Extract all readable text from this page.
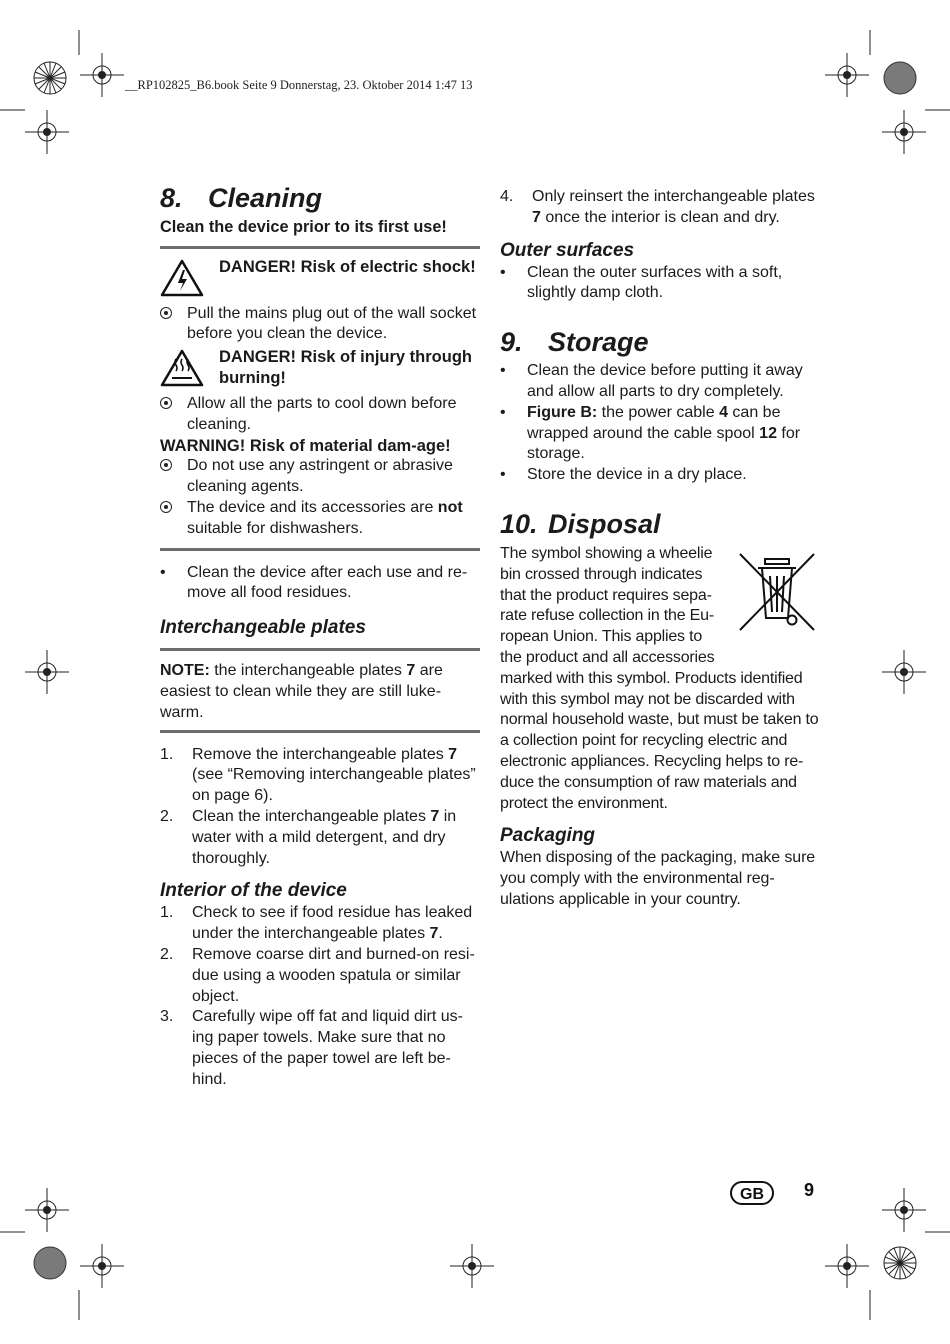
__RP102825_B6.book Seite 9 Donnerstag, 23. Oktober 2014 1:47 13
8. Cleaning
Clean the device prior to its first use!
DANGER! Risk of electric shock!
Pull the mains plug out of the wall socket before you clean the device.
DANGER! Risk of injury through burning!
Allow all the parts to cool down before cleaning.
WARNING! Risk of material dam-age!
Do not use any astringent or abrasive cleaning agents.
The device and its accessories are not suitable for dishwashers.
•	Clean the device after each use and re-move all food residues.
Interchangeable plates
NOTE: the interchangeable plates 7 are easiest to clean while they are still luke-warm.
1.	Remove the interchangeable plates 7 (see “Removing interchangeable plates” on page 6).
2.	Clean the interchangeable plates 7 in water with a mild detergent, and dry thoroughly.
Interior of the device
1.	Check to see if food residue has leaked under the interchangeable plates 7.
2.	Remove coarse dirt and burned-on resi-due using a wooden spatula or similar object.
3.	Carefully wipe off fat and liquid dirt us-ing paper towels. Make sure that no pieces of the paper towel are left be-hind.
4.	Only reinsert the interchangeable plates 7 once the interior is clean and dry.
Outer surfaces
•	Clean the outer surfaces with a soft, slightly damp cloth.
9. Storage
•	Clean the device before putting it away and allow all parts to dry completely.
•	Figure B: the power cable 4 can be wrapped around the cable spool 12 for storage.
•	Store the device in a dry place.
10. Disposal
The symbol showing a wheelie
bin crossed through indicates
that the product requires sepa-
rate refuse collection in the Eu-
ropean Union. This applies to
the product and all accessories
marked with this symbol. Products identified with this symbol may not be discarded with normal household waste, but must be taken to a collection point for recycling electric and electronic appliances. Recycling helps to re-duce the consumption of raw materials and protect the environment.
Packaging
When disposing of the packaging, make sure you comply with the environmental reg-ulations applicable in your country.
GB	9
